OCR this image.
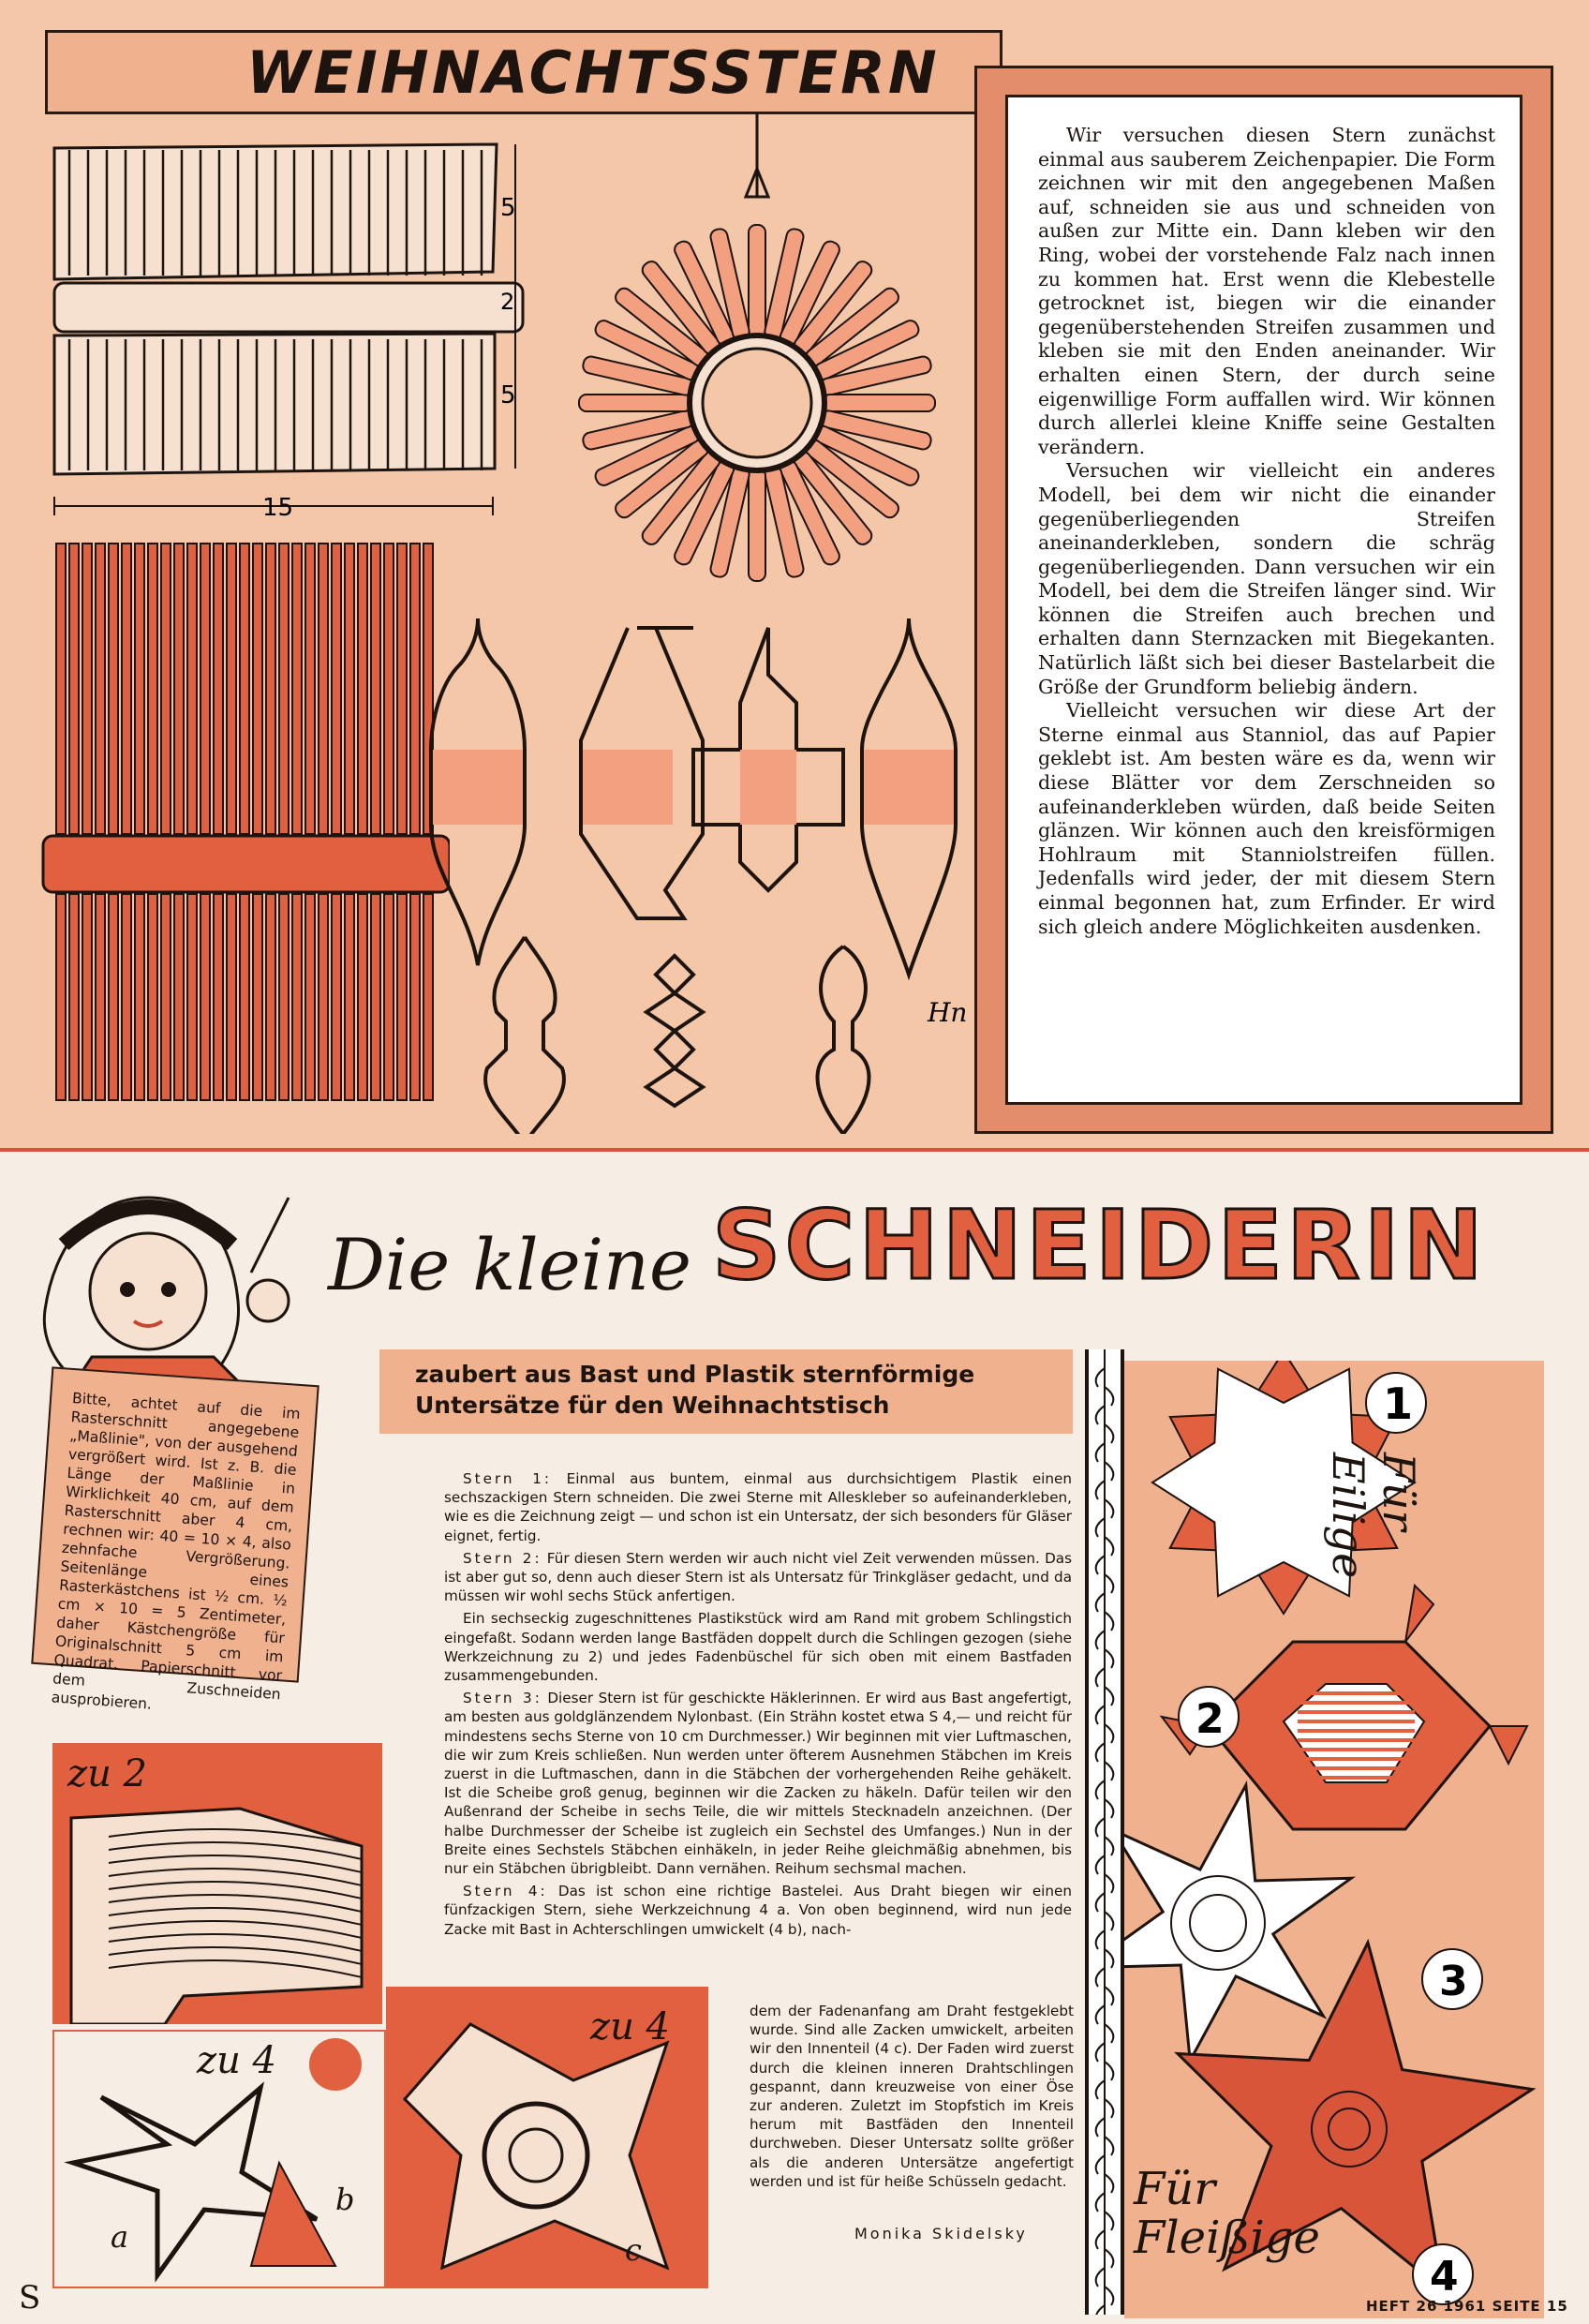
WEIHNACHTSSTERN
5
2
5
15
Hn

Wir versuchen diesen Stern zunächst einmal aus sauberem Zeichenpapier. Die Form zeichnen wir mit den angegebenen Maßen auf, schneiden sie aus und schneiden von außen zur Mitte ein. Dann kleben wir den Ring, wobei der vorstehende Falz nach innen zu kommen hat. Erst wenn die Klebestelle getrocknet ist, biegen wir die einander gegenüberstehenden Streifen zusammen und kleben sie mit den Enden aneinander. Wir erhalten einen Stern, der durch seine eigenwillige Form auffallen wird. Wir können durch allerlei kleine Kniffe seine Gestalten verändern.

Versuchen wir vielleicht ein anderes Modell, bei dem wir nicht die einander gegenüberliegenden Streifen aneinanderkleben, sondern die schräg gegenüberliegenden. Dann versuchen wir ein Modell, bei dem die Streifen länger sind. Wir können die Streifen auch brechen und erhalten dann Sternzacken mit Biegekanten. Natürlich läßt sich bei dieser Bastelarbeit die Größe der Grundform beliebig ändern.

Vielleicht versuchen wir diese Art der Sterne einmal aus Stanniol, das auf Papier geklebt ist. Am besten wäre es da, wenn wir diese Blätter vor dem Zerschneiden so aufeinanderkleben würden, daß beide Seiten glänzen. Wir können auch den kreisförmigen Hohlraum mit Stanniolstreifen füllen. Jedenfalls wird jeder, der mit diesem Stern einmal begonnen hat, zum Erfinder. Er wird sich gleich andere Möglichkeiten ausdenken.

Die kleine SCHNEIDERIN
Bitte, achtet auf die im Rasterschnitt angegebene „Maßlinie", von der ausgehend vergrößert wird. Ist z. B. die Länge der Maßlinie in Wirklichkeit 40 cm, auf dem Rasterschnitt aber 4 cm, rechnen wir: 40 = 10 × 4, also zehnfache Vergrößerung. Seitenlänge eines Rasterkästchens ist ½ cm. ½ cm × 10 = 5 Zentimeter, daher Kästchengröße für Originalschnitt 5 cm im Quadrat. Papierschnitt vor dem Zuschneiden ausprobieren.
zaubert aus Bast und Plastik sternförmige
Untersätze für den Weihnachtstisch

Stern 1: Einmal aus buntem, einmal aus durchsichtigem Plastik einen sechszackigen Stern schneiden. Die zwei Sterne mit Alleskleber so aufeinanderkleben, wie es die Zeichnung zeigt — und schon ist ein Untersatz, der sich besonders für Gläser eignet, fertig.

Stern 2: Für diesen Stern werden wir auch nicht viel Zeit verwenden müssen. Das ist aber gut so, denn auch dieser Stern ist als Untersatz für Trinkgläser gedacht, und da müssen wir wohl sechs Stück anfertigen.

Ein sechseckig zugeschnittenes Plastikstück wird am Rand mit grobem Schlingstich eingefaßt. Sodann werden lange Bastfäden doppelt durch die Schlingen gezogen (siehe Werkzeichnung zu 2) und jedes Fadenbüschel für sich oben mit einem Bastfaden zusammengebunden.

Stern 3: Dieser Stern ist für geschickte Häklerinnen. Er wird aus Bast angefertigt, am besten aus goldglänzendem Nylonbast. (Ein Strähn kostet etwa S 4,— und reicht für mindestens sechs Sterne von 10 cm Durchmesser.) Wir beginnen mit vier Luftmaschen, die wir zum Kreis schließen. Nun werden unter öfterem Ausnehmen Stäbchen im Kreis zuerst in die Luftmaschen, dann in die Stäbchen der vorhergehenden Reihe gehäkelt. Ist die Scheibe groß genug, beginnen wir die Zacken zu häkeln. Dafür teilen wir den Außenrand der Scheibe in sechs Teile, die wir mittels Stecknadeln anzeichnen. (Der halbe Durchmesser der Scheibe ist zugleich ein Sechstel des Umfanges.) Nun in der Breite eines Sechstels Stäbchen einhäkeln, in jeder Reihe gleichmäßig abnehmen, bis nur ein Stäbchen übrigbleibt. Dann vernähen. Reihum sechsmal machen.

Stern 4: Das ist schon eine richtige Bastelei. Aus Draht biegen wir einen fünfzackigen Stern, siehe Werkzeichnung 4 a. Von oben beginnend, wird nun jede Zacke mit Bast in Achterschlingen umwickelt (4 b), nach-

dem der Fadenanfang am Draht festgeklebt wurde. Sind alle Zacken umwickelt, arbeiten wir den Innenteil (4 c). Der Faden wird zuerst durch die kleinen inneren Drahtschlingen gespannt, dann kreuzweise von einer Öse zur anderen. Zuletzt im Stopfstich im Kreis herum mit Bastfäden den Innenteil durchweben. Dieser Untersatz sollte größer als die anderen Untersätze angefertigt werden und ist für heiße Schüsseln gedacht.

Monika Skidelsky
1
2
3
4
Für Eilige
Für
Fleißige
zu 2
zu 4
a
b
zu 4
c
S	HEFT 26 1961 SEITE 15
